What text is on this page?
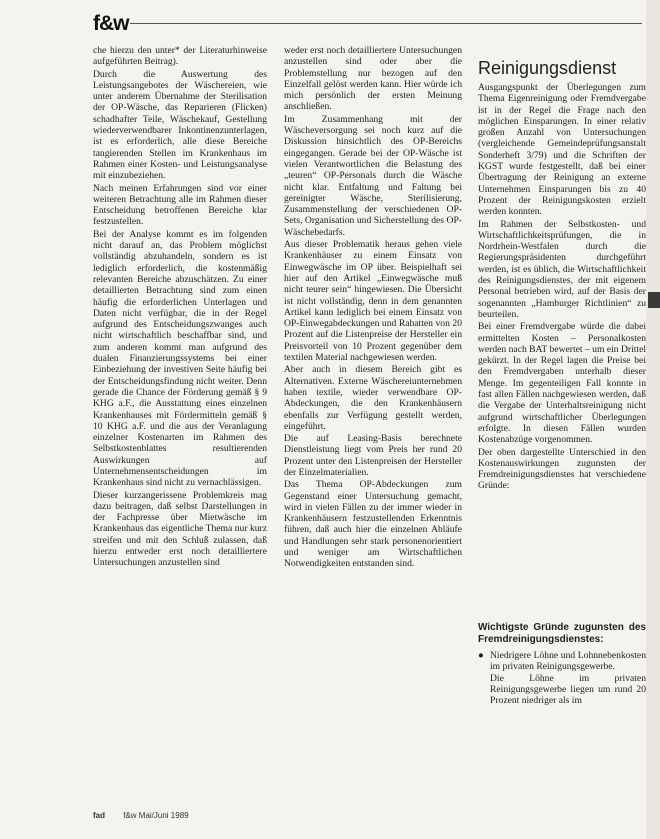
f&w

che hierzu den unter* der Literaturhinweise aufgeführten Beitrag).

Durch die Auswertung des Leistungsangebotes der Wäschereien, wie unter anderem Übernahme der Sterilisation der OP-Wäsche, das Reparieren (Flicken) schadhafter Teile, Wäschekauf, Gestellung wiederverwendbarer Inkontinenzunterlagen, ist es erforderlich, alle diese Bereiche tangierenden Stellen im Krankenhaus im Rahmen einer Kosten- und Leistungsanalyse mit einzubeziehen.

Nach meinen Erfahrungen sind vor einer weiteren Betrachtung alle im Rahmen dieser Entscheidung betroffenen Bereiche klar festzustellen.

Bei der Analyse kommt es im folgenden nicht darauf an, das Problem möglichst vollständig abzuhandeln, sondern es ist lediglich erforderlich, die kostenmäßig relevanten Bereiche abzuschätzen. Zu einer detaillierten Betrachtung sind zum einen häufig die erforderlichen Unterlagen und Daten nicht verfügbar, die in der Regel aufgrund des Entscheidungszwanges auch nicht wirtschaftlich beschaffbar sind, und zum anderen kommt man aufgrund des dualen Finanzierungssystems bei einer Einbeziehung der investiven Seite häufig bei der Entscheidungsfindung nicht weiter. Denn gerade die Chance der Förderung gemäß § 9 KHG a.F., die Ausstattung eines einzelnen Krankenhauses mit Fördermitteln gemäß § 10 KHG a.F. und die aus der Veranlagung einzelner Kostenarten im Rahmen des Selbstkostenblattes resultierenden Auswirkungen auf Unternehmensentscheidungen im Krankenhaus sind nicht zu vernachlässigen.

Dieser kurzangerissene Problemkreis mag dazu beitragen, daß selbst Darstellungen in der Fachpresse über Mietwäsche im Krankenhaus das eigentliche Thema nur kurz streifen und mit den Schluß zulassen, daß hierzu entweder erst noch detailliertere Untersuchungen anzustellen sind

weder erst noch detailliertere Untersuchungen anzustellen sind oder aber die Problemstellung nur bezogen auf den Einzelfall gelöst werden kann. Hier würde ich mich persönlich der ersten Meinung anschließen.

Im Zusammenhang mit der Wäscheversorgung sei noch kurz auf die Diskussion hinsichtlich des OP-Bereichs eingegangen. Gerade bei der OP-Wäsche ist vielen Verantwortlichen die Belastung des „teuren“ OP-Personals durch die Wäsche nicht klar. Entfaltung und Faltung bei gereinigter Wäsche, Sterilisierung, Zusammenstellung der verschiedenen OP-Sets, Organisation und Sicherstellung des OP-Wäschebedarfs.

Aus dieser Problematik heraus gehen viele Krankenhäuser zu einem Einsatz von Einwegwäsche im OP über. Beispielhaft sei hier auf den Artikel „Einwegwäsche muß nicht teurer sein“ hingewiesen. Die Übersicht ist nicht vollständig, denn in dem genannten Artikel kann lediglich bei einem Einsatz von OP-Einwegabdeckungen und Rabatten von 20 Prozent auf die Listenpreise der Hersteller ein Preisvorteil von 10 Prozent gegenüber dem textilen Material nachgewiesen werden.

Aber auch in diesem Bereich gibt es Alternativen. Externe Wäschereiunternehmen haben textile, wieder verwendbare OP-Abdeckungen, die den Krankenhäusern ebenfalls zur Verfügung gestellt werden, eingeführt.

Die auf Leasing-Basis berechnete Dienstleistung liegt vom Preis her rund 20 Prozent unter den Listenpreisen der Hersteller der Einzelmaterialien.

Das Thema OP-Abdeckungen zum Gegenstand einer Untersuchung gemacht, wird in vielen Fällen zu der immer wieder in Krankenhäusern festzustellenden Erkenntnis führen, daß auch hier die einzelnen Abläufe und Handlungen sehr stark personenorientiert und weniger am Wirtschaftlichen Notwendigkeiten entstanden sind.

Reinigungsdienst

Ausgangspunkt der Überlegungen zum Thema Eigenreinigung oder Fremdvergabe ist in der Regel die Frage nach den möglichen Einsparungen. In einer relativ großen Anzahl von Untersuchungen (vergleichende Gemeindeprüfungsanstalt Sonderheft 3/79) und die Schriften der KGST wurde festgestellt, daß bei einer Übertragung der Reinigung an externe Unternehmen Einsparungen bis zu 40 Prozent der Reinigungskosten erzielt werden konnten.

Im Rahmen der Selbstkosten- und Wirtschaftlichkeitsprüfungen, die in Nordrhein-Westfalen durch die Regierungspräsidenten durchgeführt werden, ist es üblich, die Wirtschaftlichkeit des Reinigungsdienstes, der mit eigenem Personal betrieben wird, auf der Basis der sogenannten „Hamburger Richtlinien“ zu beurteilen.

Bei einer Fremdvergabe würde die dabei ermittelten Kosten – Personalkosten werden nach BAT bewertet – um ein Drittel gekürzt. In der Regel lagen die Preise bei den Fremdvergaben unterhalb dieser Menge. Im gegenteiligen Fall konnte in fast allen Fällen nachgewiesen werden, daß die Vergabe der Unterhaltsreinigung nicht aufgrund wirtschaftlicher Überlegungen erfolgte. In diesen Fällen wurden Kostenabzüge vorgenommen.

Der oben dargestellte Unterschied in den Kostenauswirkungen zugunsten der Fremdreinigungsdienstes hat verschiedene Gründe:

Wichtigste Gründe zugunsten des Fremdreinigungsdienstes:
● Niedrigere Löhne und Lohnnebenkosten im privaten Reinigungsgewerbe.
Die Löhne im privaten Reinigungsgewerbe liegen um rund 20 Prozent niedriger als im
fad f&w Mai/Juni 1989
